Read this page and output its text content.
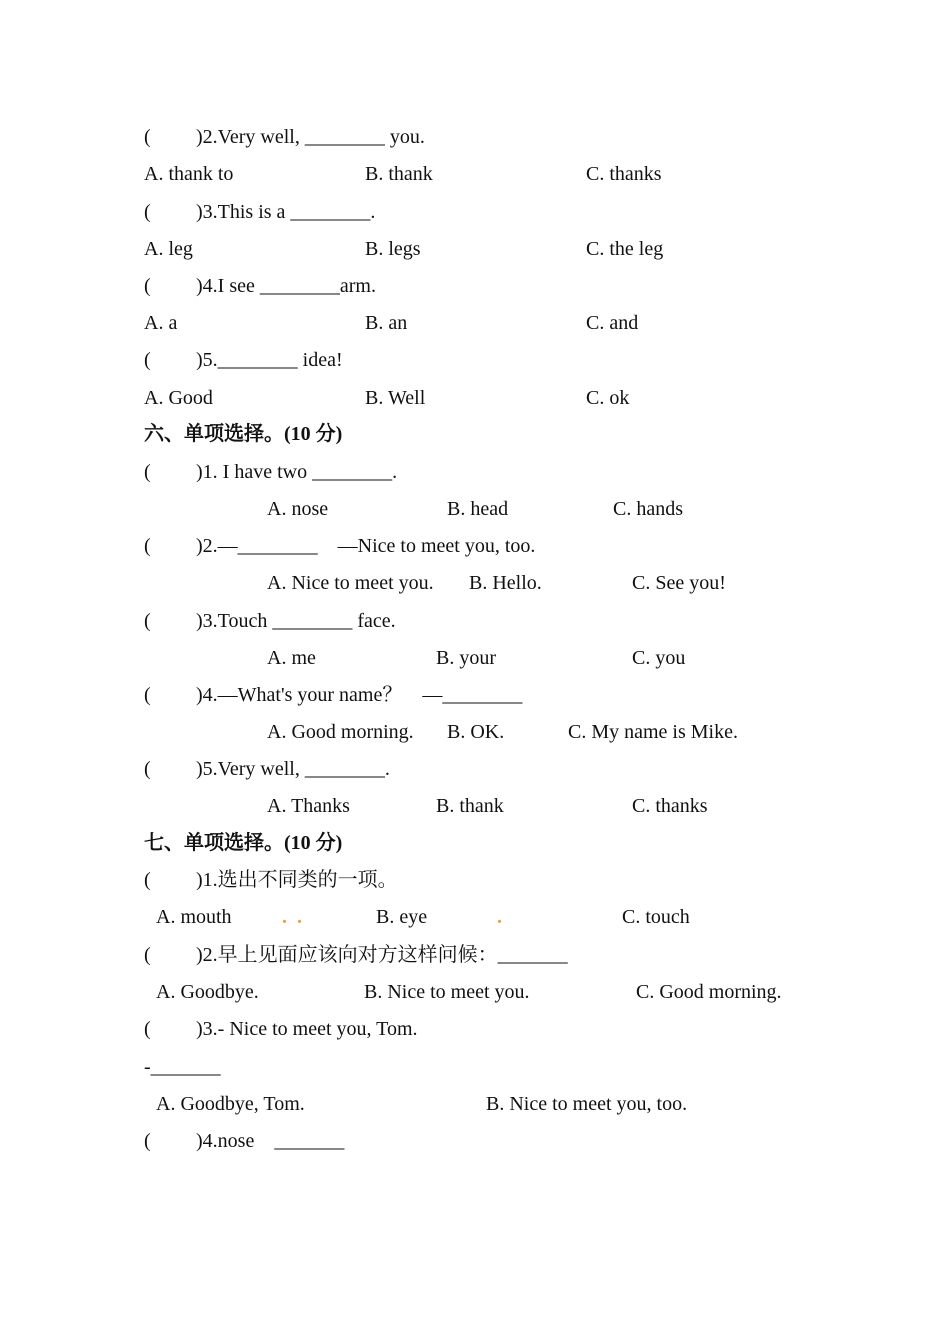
( )2.Very well, ________ you.
A. thank to	B. thank	C. thanks
( )3.This is a ________.
A. leg	B. legs	C. the leg
( )4.I see ________arm.
A. a	B. an	C. and
( )5.________ idea!
A. Good	B. Well	C. ok
六、单项选择。(10 分)
( )1. I have two ________.
A. nose	B. head	C. hands
( )2.—________    —Nice to meet you, too.
A. Nice to meet you. B. Hello.	C. See you!
( )3.Touch ________ face.
A. me	B. your	C. you
( )4.—What's your name？    —________
A. Good morning. B. OK.	C. My name is Mike.
( )5.Very well, ________.
A. Thanks	B. thank	C. thanks
七、单项选择。(10 分)
( )1.选出不同类的一项。
A. mouth	.  .	B. eye	.	C. touch
( )2.早上见面应该向对方这样问候：_______
A. Goodbye.	B. Nice to meet you.	C. Good morning.
( )3.- Nice to meet you, Tom.
-_______
A. Goodbye, Tom.	B. Nice to meet you, too.
( )4.nose    _______
